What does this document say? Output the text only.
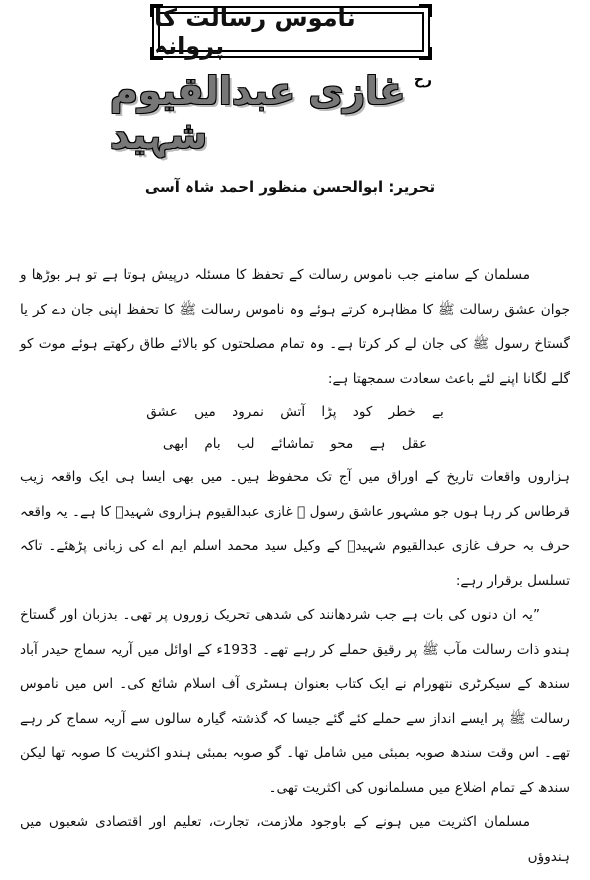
ناموس رسالت کا پروانہ
غازی عبدالقیوم شہید
رح
تحریر: ابوالحسن منظور احمد شاہ آسی

مسلمان کے سامنے جب ناموس رسالت کے تحفظ کا مسئلہ درپیش ہوتا ہے تو ہر بوڑھا و جوان عشق رسالت ﷺ کا مظاہرہ کرتے ہوئے وہ ناموس رسالت ﷺ کا تحفظ اپنی جان دے کر یا گستاخ رسول ﷺ کی جان لے کر کرتا ہے۔ وہ تمام مصلحتوں کو بالائے طاق رکھتے ہوئے موت کو گلے لگانا اپنے لئے باعث سعادت سمجھتا ہے:

بے خطر کود پڑا آتش نمرود میں عشق
عقل ہے محو تماشائے لب بام ابھی

ہزاروں واقعات تاریخ کے اوراق میں آج تک محفوظ ہیں۔ میں بھی ایسا ہی ایک واقعہ زیب قرطاس کر رہا ہوں جو مشہور عاشق رسول ﷺ غازی عبدالقیوم ہزاروی شہیدؒ کا ہے۔ یہ واقعہ حرف بہ حرف غازی عبدالقیوم شہیدؒ کے وکیل سید محمد اسلم ایم اے کی زبانی پڑھئے۔ تاکہ تسلسل برقرار رہے:

”یہ ان دنوں کی بات ہے جب شردھانند کی شدھی تحریک زوروں پر تھی۔ بدزبان اور گستاخ ہندو ذات رسالت مآب ﷺ پر رقیق حملے کر رہے تھے۔ 1933ء کے اوائل میں آریہ سماج حیدر آباد سندھ کے سیکرٹری نتھورام نے ایک کتاب بعنوان ہسٹری آف اسلام شائع کی۔ اس میں ناموس رسالت ﷺ پر ایسے انداز سے حملے کئے گئے جیسا کہ گذشتہ گیارہ سالوں سے آریہ سماج کر رہے تھے۔ اس وقت سندھ صوبہ بمبئی میں شامل تھا۔ گو صوبہ بمبئی ہندو اکثریت کا صوبہ تھا لیکن سندھ کے تمام اضلاع میں مسلمانوں کی اکثریت تھی۔

مسلمان اکثریت میں ہونے کے باوجود ملازمت، تجارت، تعلیم اور اقتصادی شعبوں میں ہندوؤں
